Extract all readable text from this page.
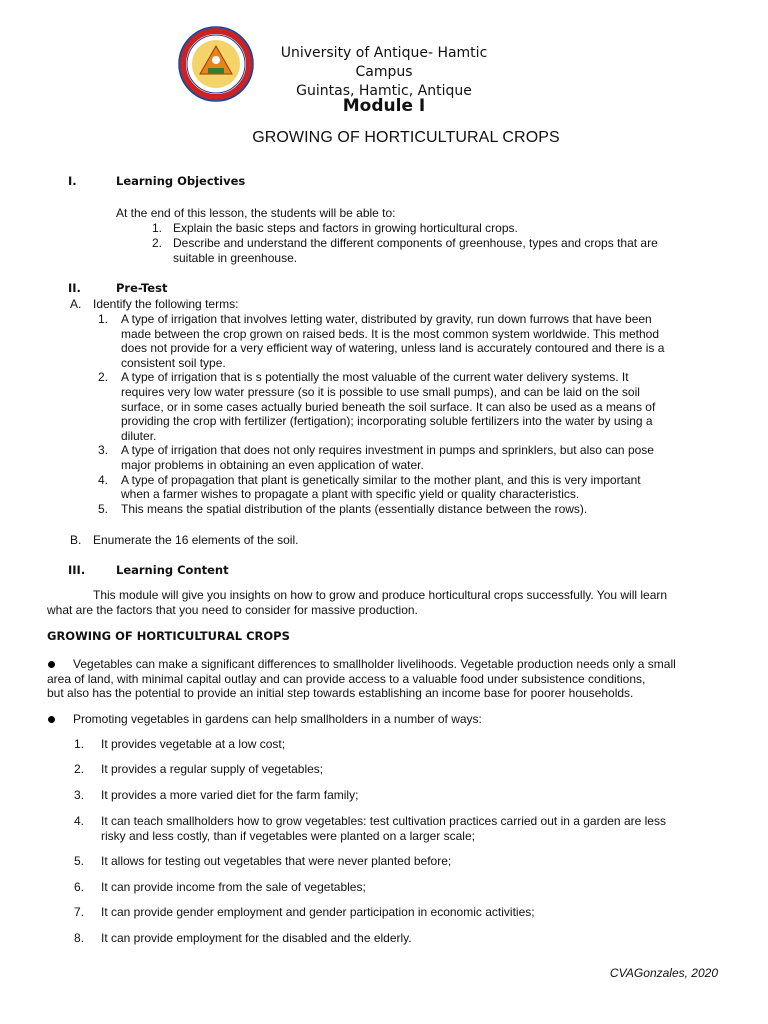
University of Antique- Hamtic Campus
Guintas, Hamtic, Antique
Module I
GROWING OF HORTICULTURAL CROPS
I.	Learning Objectives
At the end of this lesson, the students will be able to:
1. Explain the basic steps and factors in growing horticultural crops.
2. Describe and understand the different components of greenhouse, types and crops that are
suitable in greenhouse.
II.	Pre-Test
A. Identify the following terms:
1. A type of irrigation that involves letting water, distributed by gravity, run down furrows that have been
made between the crop grown on raised beds. It is the most common system worldwide. This method
does not provide for a very efficient way of watering, unless land is accurately contoured and there is a
consistent soil type.
2. A type of irrigation that is s potentially the most valuable of the current water delivery systems. It
requires very low water pressure (so it is possible to use small pumps), and can be laid on the soil
surface, or in some cases actually buried beneath the soil surface. It can also be used as a means of
providing the crop with fertilizer (fertigation); incorporating soluble fertilizers into the water by using a
diluter.
3. A type of irrigation that does not only requires investment in pumps and sprinklers, but also can pose
major problems in obtaining an even application of water.
4. A type of propagation that plant is genetically similar to the mother plant, and this is very important
when a farmer wishes to propagate a plant with specific yield or quality characteristics.
5. This means the spatial distribution of the plants (essentially distance between the rows).
B. Enumerate the 16 elements of the soil.
III.	Learning Content
This module will give you insights on how to grow and produce horticultural crops successfully. You will learn
what are the factors that you need to consider for massive production.
GROWING OF HORTICULTURAL CROPS
Vegetables can make a significant differences to smallholder livelihoods. Vegetable production needs only a small
area of land, with minimal capital outlay and can provide access to a valuable food under subsistence conditions,
but also has the potential to provide an initial step towards establishing an income base for poorer households.
Promoting vegetables in gardens can help smallholders in a number of ways:
1. It provides vegetable at a low cost;
2. It provides a regular supply of vegetables;
3. It provides a more varied diet for the farm family;
4. It can teach smallholders how to grow vegetables: test cultivation practices carried out in a garden are less
risky and less costly, than if vegetables were planted on a larger scale;
5. It allows for testing out vegetables that were never planted before;
6. It can provide income from the sale of vegetables;
7. It can provide gender employment and gender participation in economic activities;
8. It can provide employment for the disabled and the elderly.
CVAGonzales, 2020
